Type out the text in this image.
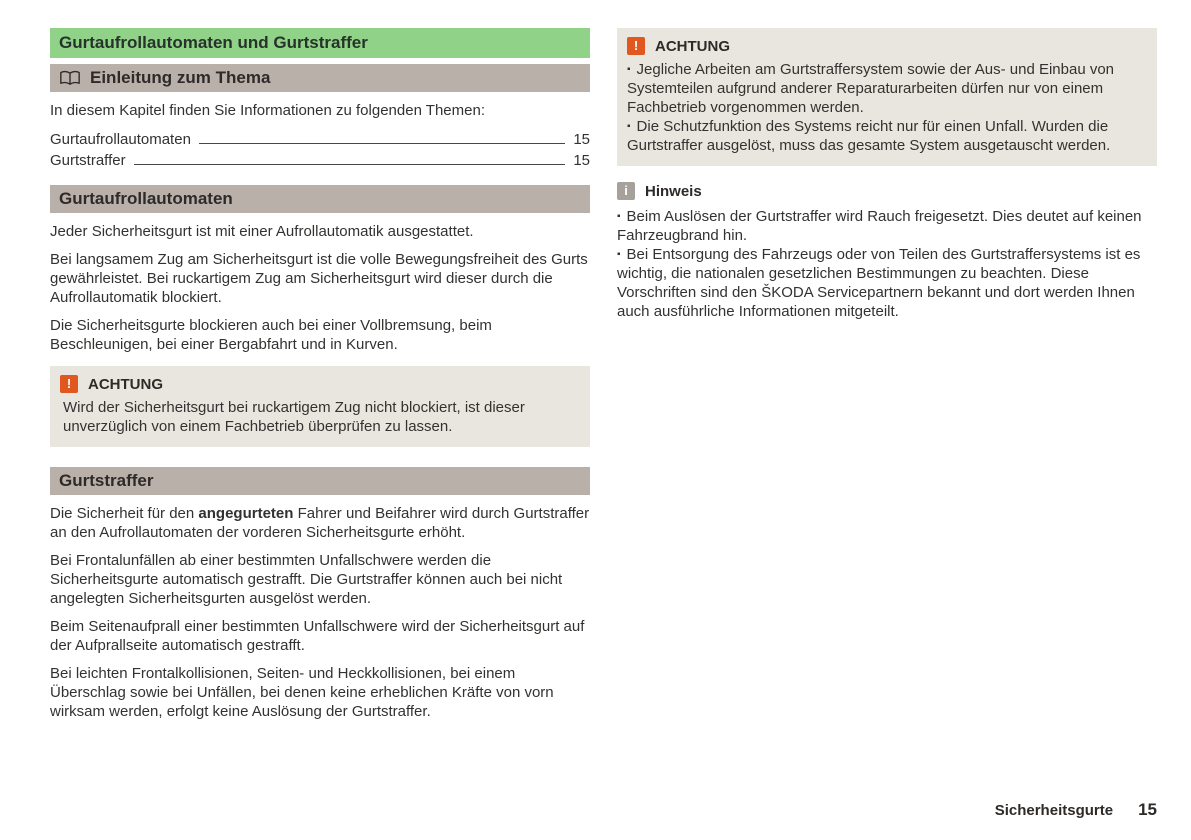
Gurtaufrollautomaten und Gurtstraffer
Einleitung zum Thema

In diesem Kapitel finden Sie Informationen zu folgenden Themen:

Gurtaufrollautomaten	15
Gurtstraffer	15
Gurtaufrollautomaten

Jeder Sicherheitsgurt ist mit einer Aufrollautomatik ausgestattet.

Bei langsamem Zug am Sicherheitsgurt ist die volle Bewegungsfreiheit des Gurts gewährleistet. Bei ruckartigem Zug am Sicherheitsgurt wird dieser durch die Aufrollautomatik blockiert.

Die Sicherheitsgurte blockieren auch bei einer Vollbremsung, beim Beschleunigen, bei einer Bergabfahrt und in Kurven.

!	ACHTUNG

Wird der Sicherheitsgurt bei ruckartigem Zug nicht blockiert, ist dieser unverzüglich von einem Fachbetrieb überprüfen zu lassen.

Gurtstraffer

Die Sicherheit für den angegurteten Fahrer und Beifahrer wird durch Gurtstraffer an den Aufrollautomaten der vorderen Sicherheitsgurte erhöht.

Bei Frontalunfällen ab einer bestimmten Unfallschwere werden die Sicherheitsgurte automatisch gestrafft. Die Gurtstraffer können auch bei nicht angelegten Sicherheitsgurten ausgelöst werden.

Beim Seitenaufprall einer bestimmten Unfallschwere wird der Sicherheitsgurt auf der Aufprallseite automatisch gestrafft.

Bei leichten Frontalkollisionen, Seiten- und Heckkollisionen, bei einem Überschlag sowie bei Unfällen, bei denen keine erheblichen Kräfte von vorn wirksam werden, erfolgt keine Auslösung der Gurtstraffer.

!	ACHTUNG

▪ Jegliche Arbeiten am Gurtstraffersystem sowie der Aus- und Einbau von Systemteilen aufgrund anderer Reparaturarbeiten dürfen nur von einem Fachbetrieb vorgenommen werden.

▪ Die Schutzfunktion des Systems reicht nur für einen Unfall. Wurden die Gurtstraffer ausgelöst, muss das gesamte System ausgetauscht werden.

i	Hinweis

▪ Beim Auslösen der Gurtstraffer wird Rauch freigesetzt. Dies deutet auf keinen Fahrzeugbrand hin.

▪ Bei Entsorgung des Fahrzeugs oder von Teilen des Gurtstraffersystems ist es wichtig, die nationalen gesetzlichen Bestimmungen zu beachten. Diese Vorschriften sind den ŠKODA Servicepartnern bekannt und dort werden Ihnen auch ausführliche Informationen mitgeteilt.

Sicherheitsgurte 15
